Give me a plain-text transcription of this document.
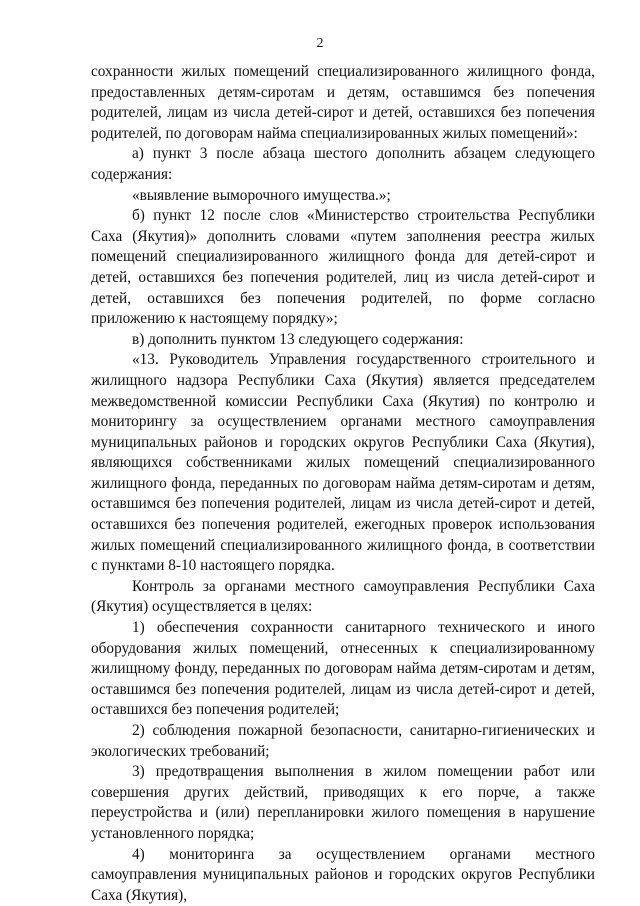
2

сохранности жилых помещений специализированного жилищного фонда, предоставленных детям-сиротам и детям, оставшимся без попечения родителей, лицам из числа детей-сирот и детей, оставшихся без попечения родителей, по договорам найма специализированных жилых помещений»:

а) пункт 3 после абзаца шестого дополнить абзацем следующего содержания:

«выявление выморочного имущества.»;

б) пункт 12 после слов «Министерство строительства Республики Саха (Якутия)» дополнить словами «путем заполнения реестра жилых помещений специализированного жилищного фонда для детей-сирот и детей, оставшихся без попечения родителей, лиц из числа детей-сирот и детей, оставшихся без попечения родителей, по форме согласно приложению к настоящему порядку»;

в) дополнить пунктом 13 следующего содержания:

«13. Руководитель Управления государственного строительного и жилищного надзора Республики Саха (Якутия) является председателем межведомственной комиссии Республики Саха (Якутия) по контролю и мониторингу за осуществлением органами местного самоуправления муниципальных районов и городских округов Республики Саха (Якутия), являющихся собственниками жилых помещений специализированного жилищного фонда, переданных по договорам найма детям-сиротам и детям, оставшимся без попечения родителей, лицам из числа детей-сирот и детей, оставшихся без попечения родителей, ежегодных проверок использования жилых помещений специализированного жилищного фонда, в соответствии с пунктами 8-10 настоящего порядка.

Контроль за органами местного самоуправления Республики Саха (Якутия) осуществляется в целях:

1) обеспечения сохранности санитарного технического и иного оборудования жилых помещений, отнесенных к специализированному жилищному фонду, переданных по договорам найма детям-сиротам и детям, оставшимся без попечения родителей, лицам из числа детей-сирот и детей, оставшихся без попечения родителей;

2) соблюдения пожарной безопасности, санитарно-гигиенических и экологических требований;

3) предотвращения выполнения в жилом помещении работ или совершения других действий, приводящих к его порче, а также переустройства и (или) перепланировки жилого помещения в нарушение установленного порядка;

4) мониторинга за осуществлением органами местного самоуправления муниципальных районов и городских округов Республики Саха (Якутия),
